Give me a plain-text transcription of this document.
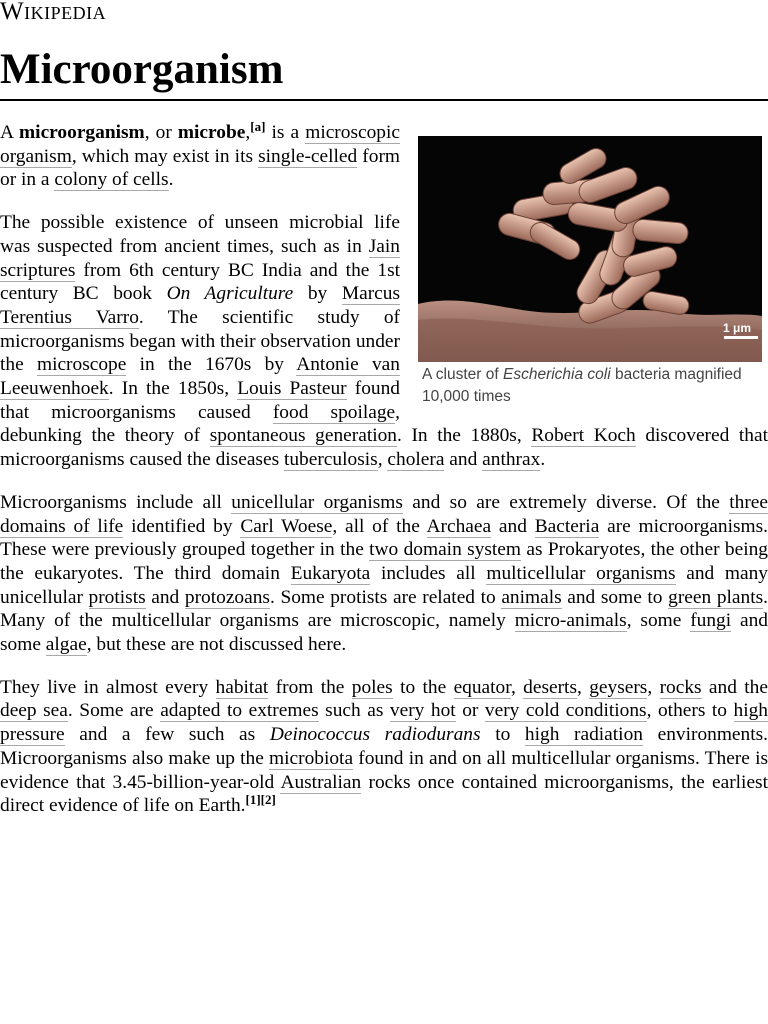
Wikipedia
Microorganism
1 μm
A cluster of Escherichia coli bacteria magnified 10,000 times

A microorganism, or microbe,[a] is a microscopic organism, which may exist in its single-celled form or in a colony of cells.

The possible existence of unseen microbial life was suspected from ancient times, such as in Jain scriptures from 6th century BC India and the 1st century BC book On Agriculture by Marcus Terentius Varro. The scientific study of microorganisms began with their observation under the microscope in the 1670s by Antonie van Leeuwenhoek. In the 1850s, Louis Pasteur found that microorganisms caused food spoilage, debunking the theory of spontaneous generation. In the 1880s, Robert Koch discovered that microorganisms caused the diseases tuberculosis, cholera and anthrax.

Microorganisms include all unicellular organisms and so are extremely diverse. Of the three domains of life identified by Carl Woese, all of the Archaea and Bacteria are microorganisms. These were previously grouped together in the two domain system as Prokaryotes, the other being the eukaryotes. The third domain Eukaryota includes all multicellular organisms and many unicellular protists and protozoans. Some protists are related to animals and some to green plants. Many of the multicellular organisms are microscopic, namely micro-animals, some fungi and some algae, but these are not discussed here.

They live in almost every habitat from the poles to the equator, deserts, geysers, rocks and the deep sea. Some are adapted to extremes such as very hot or very cold conditions, others to high pressure and a few such as Deinococcus radiodurans to high radiation environments. Microorganisms also make up the microbiota found in and on all multicellular organisms. There is evidence that 3.45-billion-year-old Australian rocks once contained microorganisms, the earliest direct evidence of life on Earth.[1][2]
